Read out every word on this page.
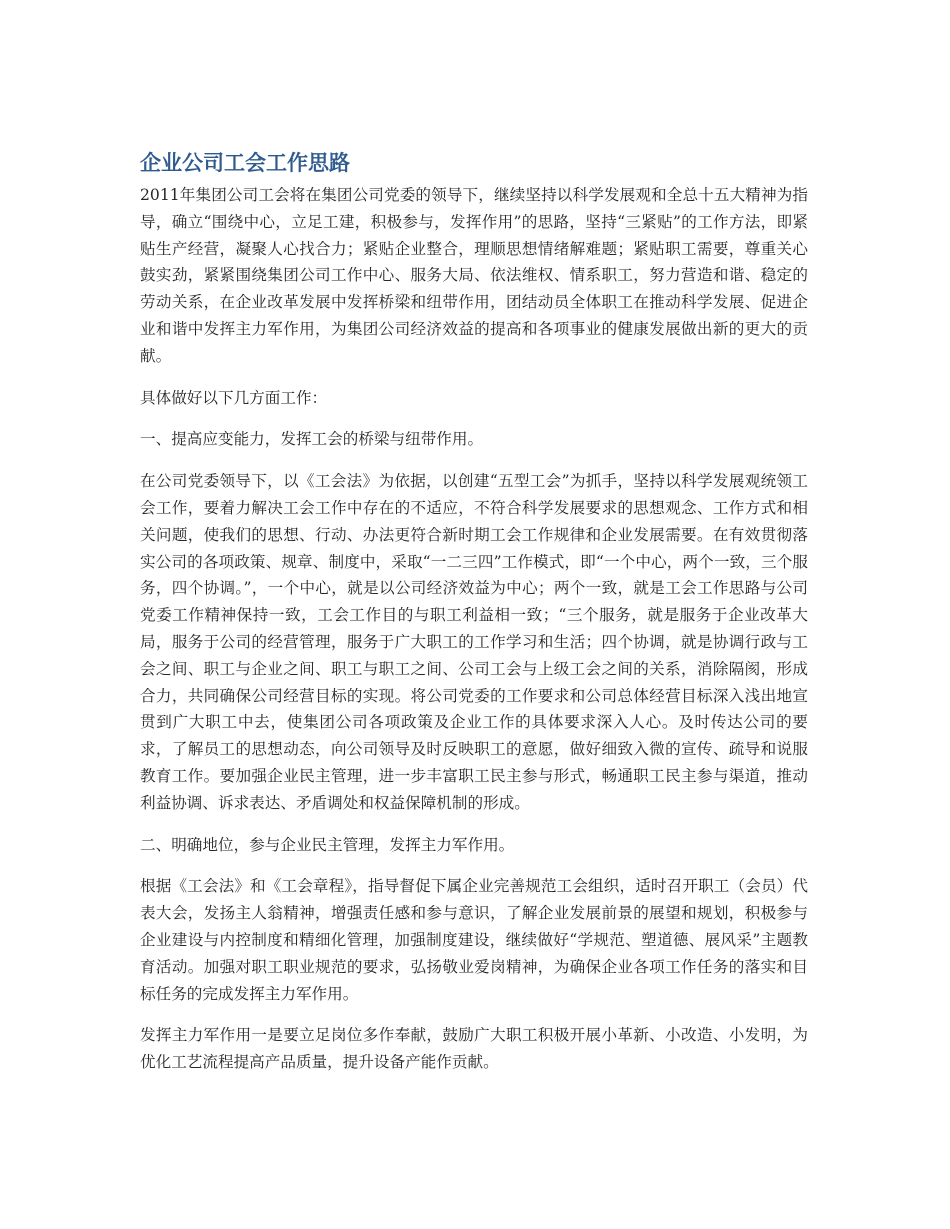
企业公司工会工作思路

2011年集团公司工会将在集团公司党委的领导下，继续坚持以科学发展观和全总十五大精神为指导，确立“围绕中心，立足工建，积极参与，发挥作用”的思路，坚持“三紧贴”的工作方法，即紧贴生产经营，凝聚人心找合力；紧贴企业整合，理顺思想情绪解难题；紧贴职工需要，尊重关心鼓实劲，紧紧围绕集团公司工作中心、服务大局、依法维权、情系职工，努力营造和谐、稳定的劳动关系，在企业改革发展中发挥桥梁和纽带作用，团结动员全体职工在推动科学发展、促进企业和谐中发挥主力军作用，为集团公司经济效益的提高和各项事业的健康发展做出新的更大的贡献。

具体做好以下几方面工作：

一、提高应变能力，发挥工会的桥梁与纽带作用。

在公司党委领导下，以《工会法》为依据，以创建“五型工会”为抓手，坚持以科学发展观统领工会工作，要着力解决工会工作中存在的不适应，不符合科学发展要求的思想观念、工作方式和相关问题，使我们的思想、行动、办法更符合新时期工会工作规律和企业发展需要。在有效贯彻落实公司的各项政策、规章、制度中，采取“一二三四”工作模式，即“一个中心，两个一致，三个服务，四个协调。”，一个中心，就是以公司经济效益为中心；两个一致，就是工会工作思路与公司党委工作精神保持一致，工会工作目的与职工利益相一致；“三个服务，就是服务于企业改革大局，服务于公司的经营管理，服务于广大职工的工作学习和生活；四个协调，就是协调行政与工会之间、职工与企业之间、职工与职工之间、公司工会与上级工会之间的关系，消除隔阂，形成合力，共同确保公司经营目标的实现。将公司党委的工作要求和公司总体经营目标深入浅出地宣贯到广大职工中去，使集团公司各项政策及企业工作的具体要求深入人心。及时传达公司的要求，了解员工的思想动态，向公司领导及时反映职工的意愿，做好细致入微的宣传、疏导和说服教育工作。要加强企业民主管理，进一步丰富职工民主参与形式，畅通职工民主参与渠道，推动利益协调、诉求表达、矛盾调处和权益保障机制的形成。

二、明确地位，参与企业民主管理，发挥主力军作用。

根据《工会法》和《工会章程》，指导督促下属企业完善规范工会组织，适时召开职工（会员）代表大会，发扬主人翁精神，增强责任感和参与意识，了解企业发展前景的展望和规划，积极参与企业建设与内控制度和精细化管理，加强制度建设，继续做好“学规范、塑道德、展风采”主题教育活动。加强对职工职业规范的要求，弘扬敬业爱岗精神，为确保企业各项工作任务的落实和目标任务的完成发挥主力军作用。

发挥主力军作用一是要立足岗位多作奉献，鼓励广大职工积极开展小革新、小改造、小发明，为优化工艺流程提高产品质量，提升设备产能作贡献。
